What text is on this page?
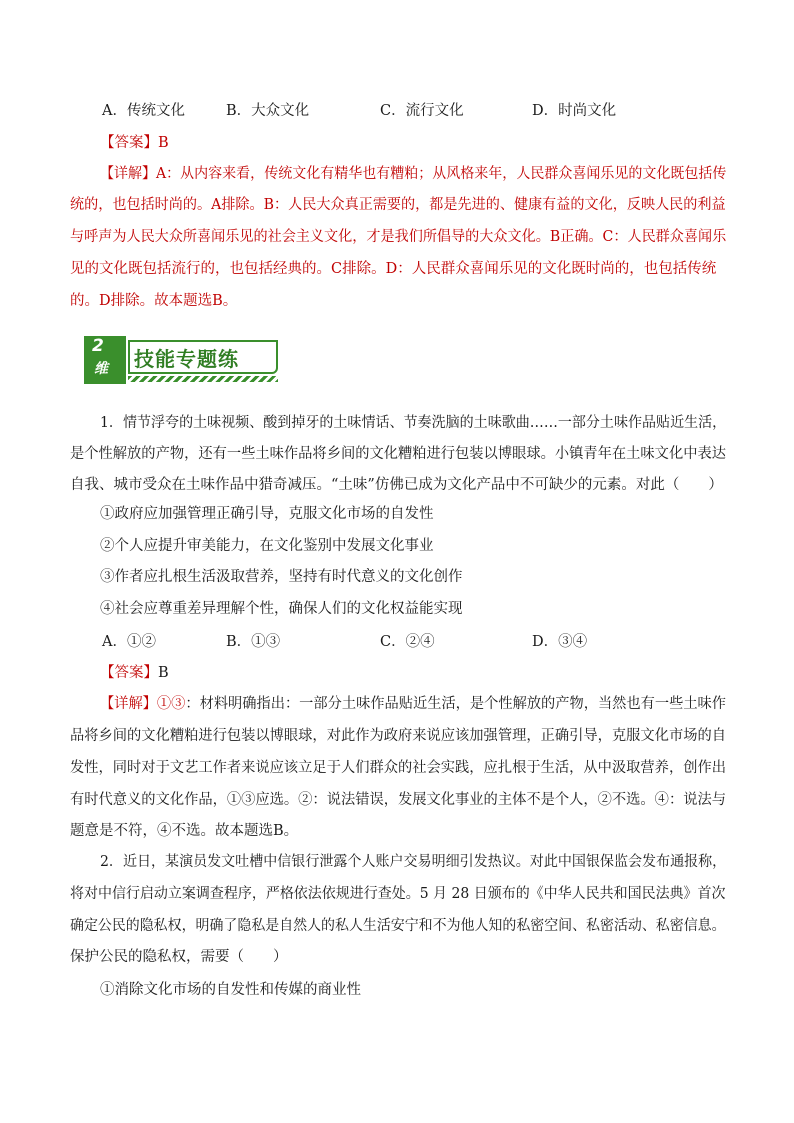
A．传统文化	B．大众文化	C．流行文化	D．时尚文化
【答案】B
【详解】A：从内容来看，传统文化有精华也有糟粕；从风格来年，人民群众喜闻乐见的文化既包括传
统的，也包括时尚的。A排除。B：人民大众真正需要的，都是先进的、健康有益的文化，反映人民的利益
与呼声为人民大众所喜闻乐见的社会主义文化，才是我们所倡导的大众文化。B正确。C：人民群众喜闻乐
见的文化既包括流行的，也包括经典的。C排除。D：人民群众喜闻乐见的文化既时尚的，也包括传统
的。D排除。故本题选B。
2
维 技能专题练
1．情节浮夸的土味视频、酸到掉牙的土味情话、节奏洗脑的土味歌曲……一部分土味作品贴近生活，
是个性解放的产物，还有一些土味作品将乡间的文化糟粕进行包装以博眼球。小镇青年在土味文化中表达
自我、城市受众在土味作品中猎奇减压。“土味”仿佛已成为文化产品中不可缺少的元素。对此（　　）
①政府应加强管理正确引导，克服文化市场的自发性
②个人应提升审美能力，在文化鉴别中发展文化事业
③作者应扎根生活汲取营养，坚持有时代意义的文化创作
④社会应尊重差异理解个性，确保人们的文化权益能实现
A．①②	B．①③	C．②④	D．③④
【答案】B
【详解】①③：材料明确指出：一部分土味作品贴近生活，是个性解放的产物，当然也有一些土味作
品将乡间的文化糟粕进行包装以博眼球，对此作为政府来说应该加强管理，正确引导，克服文化市场的自
发性，同时对于文艺工作者来说应该立足于人们群众的社会实践，应扎根于生活，从中汲取营养，创作出
有时代意义的文化作品，①③应选。②：说法错误，发展文化事业的主体不是个人，②不选。④：说法与
题意是不符，④不选。故本题选B。
2．近日，某演员发文吐槽中信银行泄露个人账户交易明细引发热议。对此中国银保监会发布通报称，
将对中信行启动立案调查程序，严格依法依规进行查处。5 月 28 日颁布的《中华人民共和国民法典》首次
确定公民的隐私权，明确了隐私是自然人的私人生活安宁和不为他人知的私密空间、私密活动、私密信息。
保护公民的隐私权，需要（　　）
①消除文化市场的自发性和传媒的商业性
